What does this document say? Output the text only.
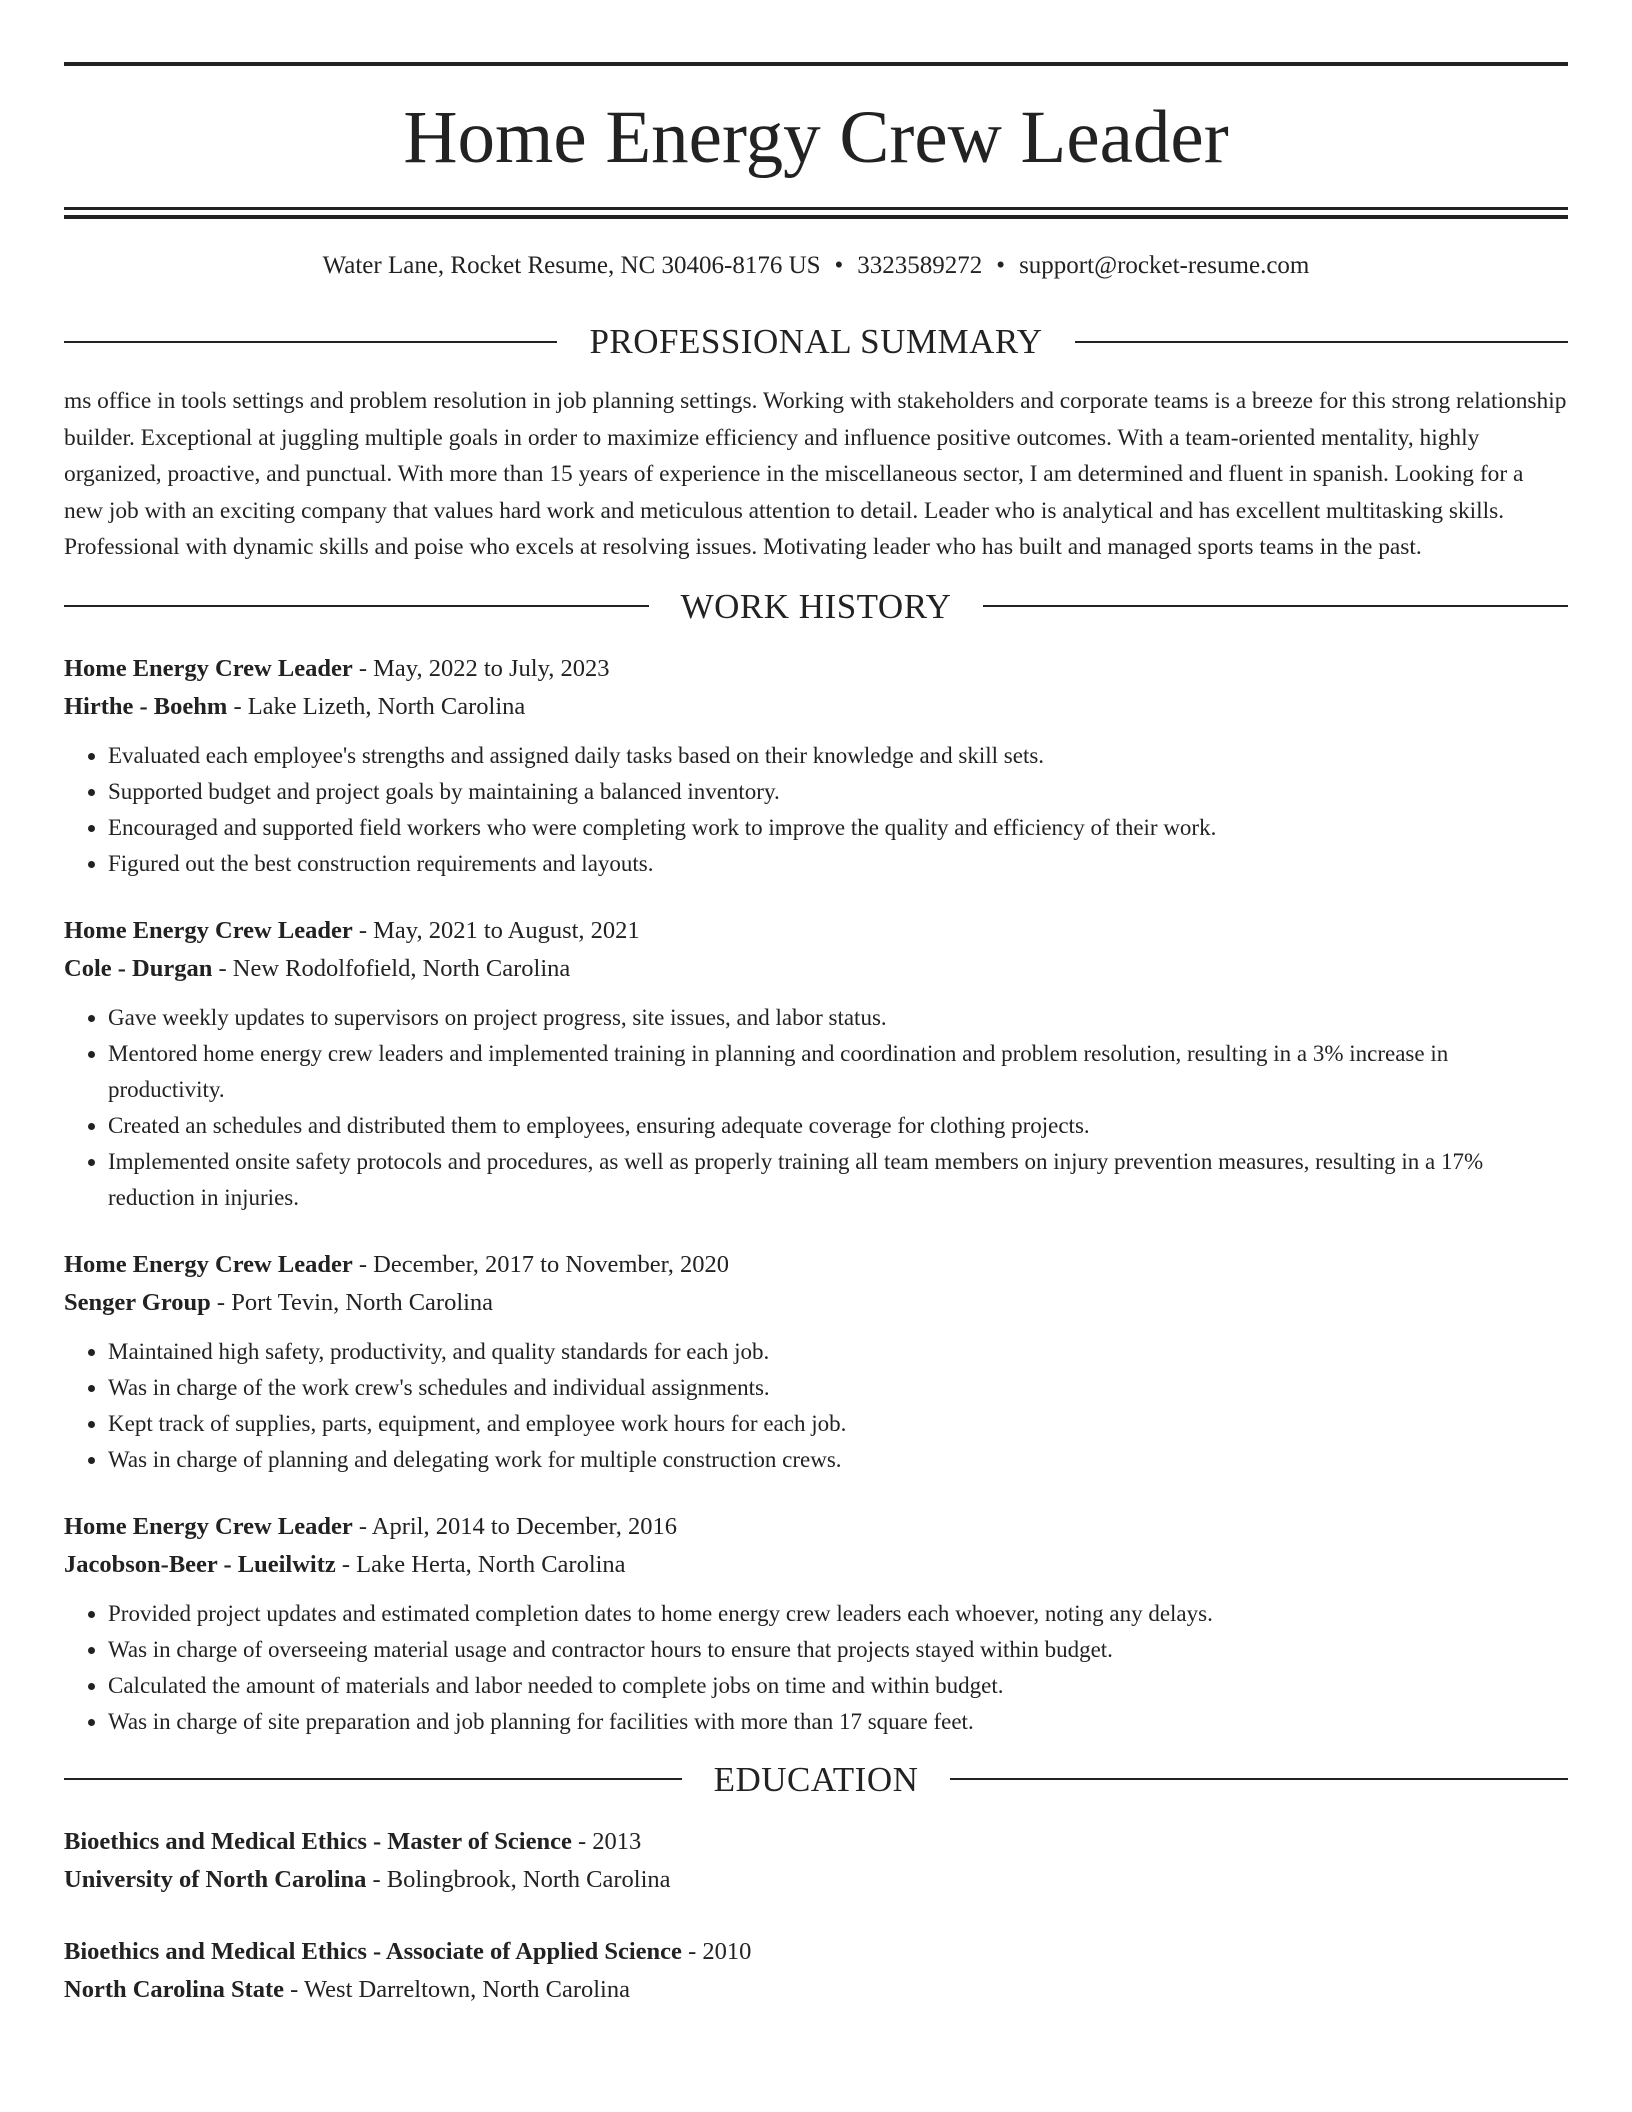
Home Energy Crew Leader
Water Lane, Rocket Resume, NC 30406-8176 US • 3323589272 • support@rocket-resume.com
PROFESSIONAL SUMMARY

ms office in tools settings and problem resolution in job planning settings. Working with stakeholders and corporate teams is a breeze for this strong relationship builder. Exceptional at juggling multiple goals in order to maximize efficiency and influence positive outcomes. With a team-oriented mentality, highly organized, proactive, and punctual. With more than 15 years of experience in the miscellaneous sector, I am determined and fluent in spanish. Looking for a new job with an exciting company that values hard work and meticulous attention to detail. Leader who is analytical and has excellent multitasking skills. Professional with dynamic skills and poise who excels at resolving issues. Motivating leader who has built and managed sports teams in the past.

WORK HISTORY
Home Energy Crew Leader - May, 2022 to July, 2023
Hirthe - Boehm - Lake Lizeth, North Carolina
• Evaluated each employee's strengths and assigned daily tasks based on their knowledge and skill sets.
• Supported budget and project goals by maintaining a balanced inventory.
• Encouraged and supported field workers who were completing work to improve the quality and efficiency of their work.
• Figured out the best construction requirements and layouts.
Home Energy Crew Leader - May, 2021 to August, 2021
Cole - Durgan - New Rodolfofield, North Carolina
• Gave weekly updates to supervisors on project progress, site issues, and labor status.
• Mentored home energy crew leaders and implemented training in planning and coordination and problem resolution, resulting in a 3% increase in productivity.
• Created an schedules and distributed them to employees, ensuring adequate coverage for clothing projects.
• Implemented onsite safety protocols and procedures, as well as properly training all team members on injury prevention measures, resulting in a 17% reduction in injuries.
Home Energy Crew Leader - December, 2017 to November, 2020
Senger Group - Port Tevin, North Carolina
• Maintained high safety, productivity, and quality standards for each job.
• Was in charge of the work crew's schedules and individual assignments.
• Kept track of supplies, parts, equipment, and employee work hours for each job.
• Was in charge of planning and delegating work for multiple construction crews.
Home Energy Crew Leader - April, 2014 to December, 2016
Jacobson-Beer - Lueilwitz - Lake Herta, North Carolina
• Provided project updates and estimated completion dates to home energy crew leaders each whoever, noting any delays.
• Was in charge of overseeing material usage and contractor hours to ensure that projects stayed within budget.
• Calculated the amount of materials and labor needed to complete jobs on time and within budget.
• Was in charge of site preparation and job planning for facilities with more than 17 square feet.
EDUCATION
Bioethics and Medical Ethics - Master of Science - 2013
University of North Carolina - Bolingbrook, North Carolina
Bioethics and Medical Ethics - Associate of Applied Science - 2010
North Carolina State - West Darreltown, North Carolina
